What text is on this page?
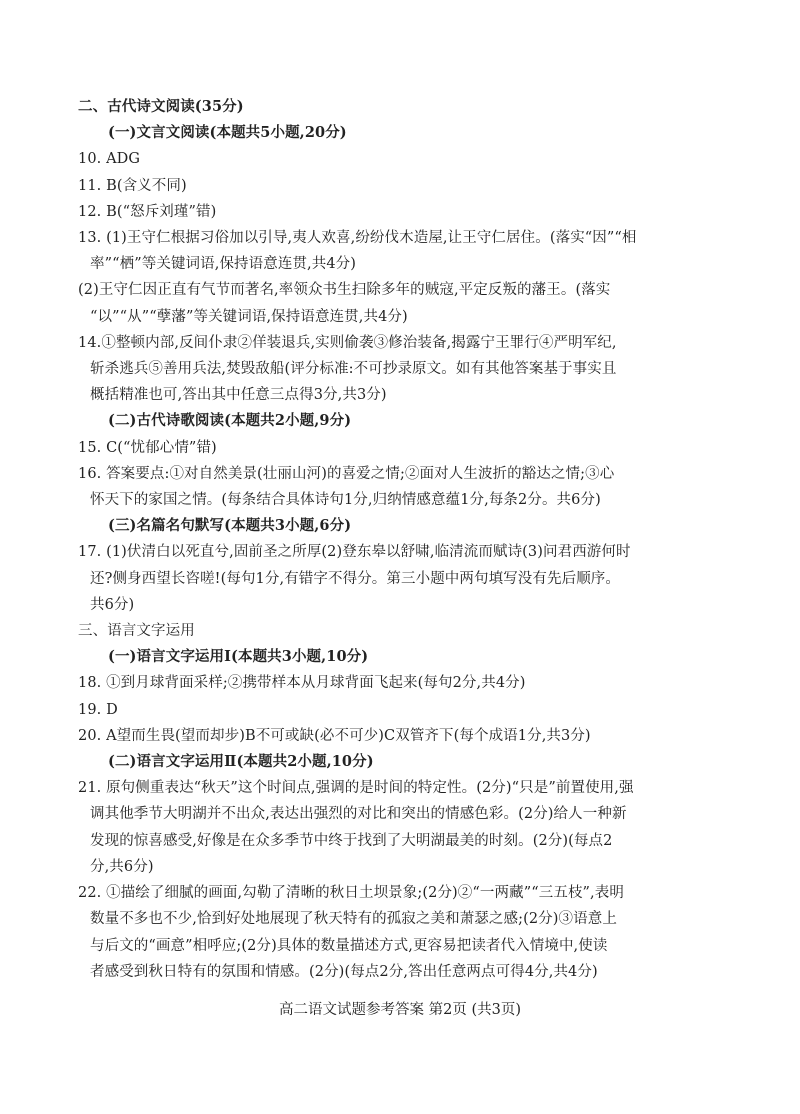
二、古代诗文阅读(35分)
(一)文言文阅读(本题共5小题,20分)
10. ADG
11. B(含义不同)
12. B(“怒斥刘瑾”错)
13. (1)王守仁根据习俗加以引导,夷人欢喜,纷纷伐木造屋,让王守仁居住。(落实“因”“相
率”“栖”等关键词语,保持语意连贯,共4分)
(2)王守仁因正直有气节而著名,率领众书生扫除多年的贼寇,平定反叛的藩王。(落实
“以”“从”“孽藩”等关键词语,保持语意连贯,共4分)
14.①整顿内部,反间仆隶②佯装退兵,实则偷袭③修治装备,揭露宁王罪行④严明军纪,
斩杀逃兵⑤善用兵法,焚毁敌船(评分标准:不可抄录原文。如有其他答案基于事实且
概括精准也可,答出其中任意三点得3分,共3分)
(二)古代诗歌阅读(本题共2小题,9分)
15. C(“忧郁心情”错)
16. 答案要点:①对自然美景(壮丽山河)的喜爱之情;②面对人生波折的豁达之情;③心
怀天下的家国之情。(每条结合具体诗句1分,归纳情感意蕴1分,每条2分。共6分)
(三)名篇名句默写(本题共3小题,6分)
17. (1)伏清白以死直兮,固前圣之所厚(2)登东皋以舒啸,临清流而赋诗(3)问君西游何时
还?侧身西望长咨嗟!(每句1分,有错字不得分。第三小题中两句填写没有先后顺序。
共6分)
三、语言文字运用
(一)语言文字运用Ⅰ(本题共3小题,10分)
18. ①到月球背面采样;②携带样本从月球背面飞起来(每句2分,共4分)
19. D
20. A望而生畏(望而却步)B不可或缺(必不可少)C双管齐下(每个成语1分,共3分)
(二)语言文字运用Ⅱ(本题共2小题,10分)
21. 原句侧重表达“秋天”这个时间点,强调的是时间的特定性。(2分)“只是”前置使用,强
调其他季节大明湖并不出众,表达出强烈的对比和突出的情感色彩。(2分)给人一种新
发现的惊喜感受,好像是在众多季节中终于找到了大明湖最美的时刻。(2分)(每点2
分,共6分)
22. ①描绘了细腻的画面,勾勒了清晰的秋日土坝景象;(2分)②“一两藏”“三五枝”,表明
数量不多也不少,恰到好处地展现了秋天特有的孤寂之美和萧瑟之感;(2分)③语意上
与后文的“画意”相呼应;(2分)具体的数量描述方式,更容易把读者代入情境中,使读
者感受到秋日特有的氛围和情感。(2分)(每点2分,答出任意两点可得4分,共4分)
高二语文试题参考答案 第2页 (共3页)
